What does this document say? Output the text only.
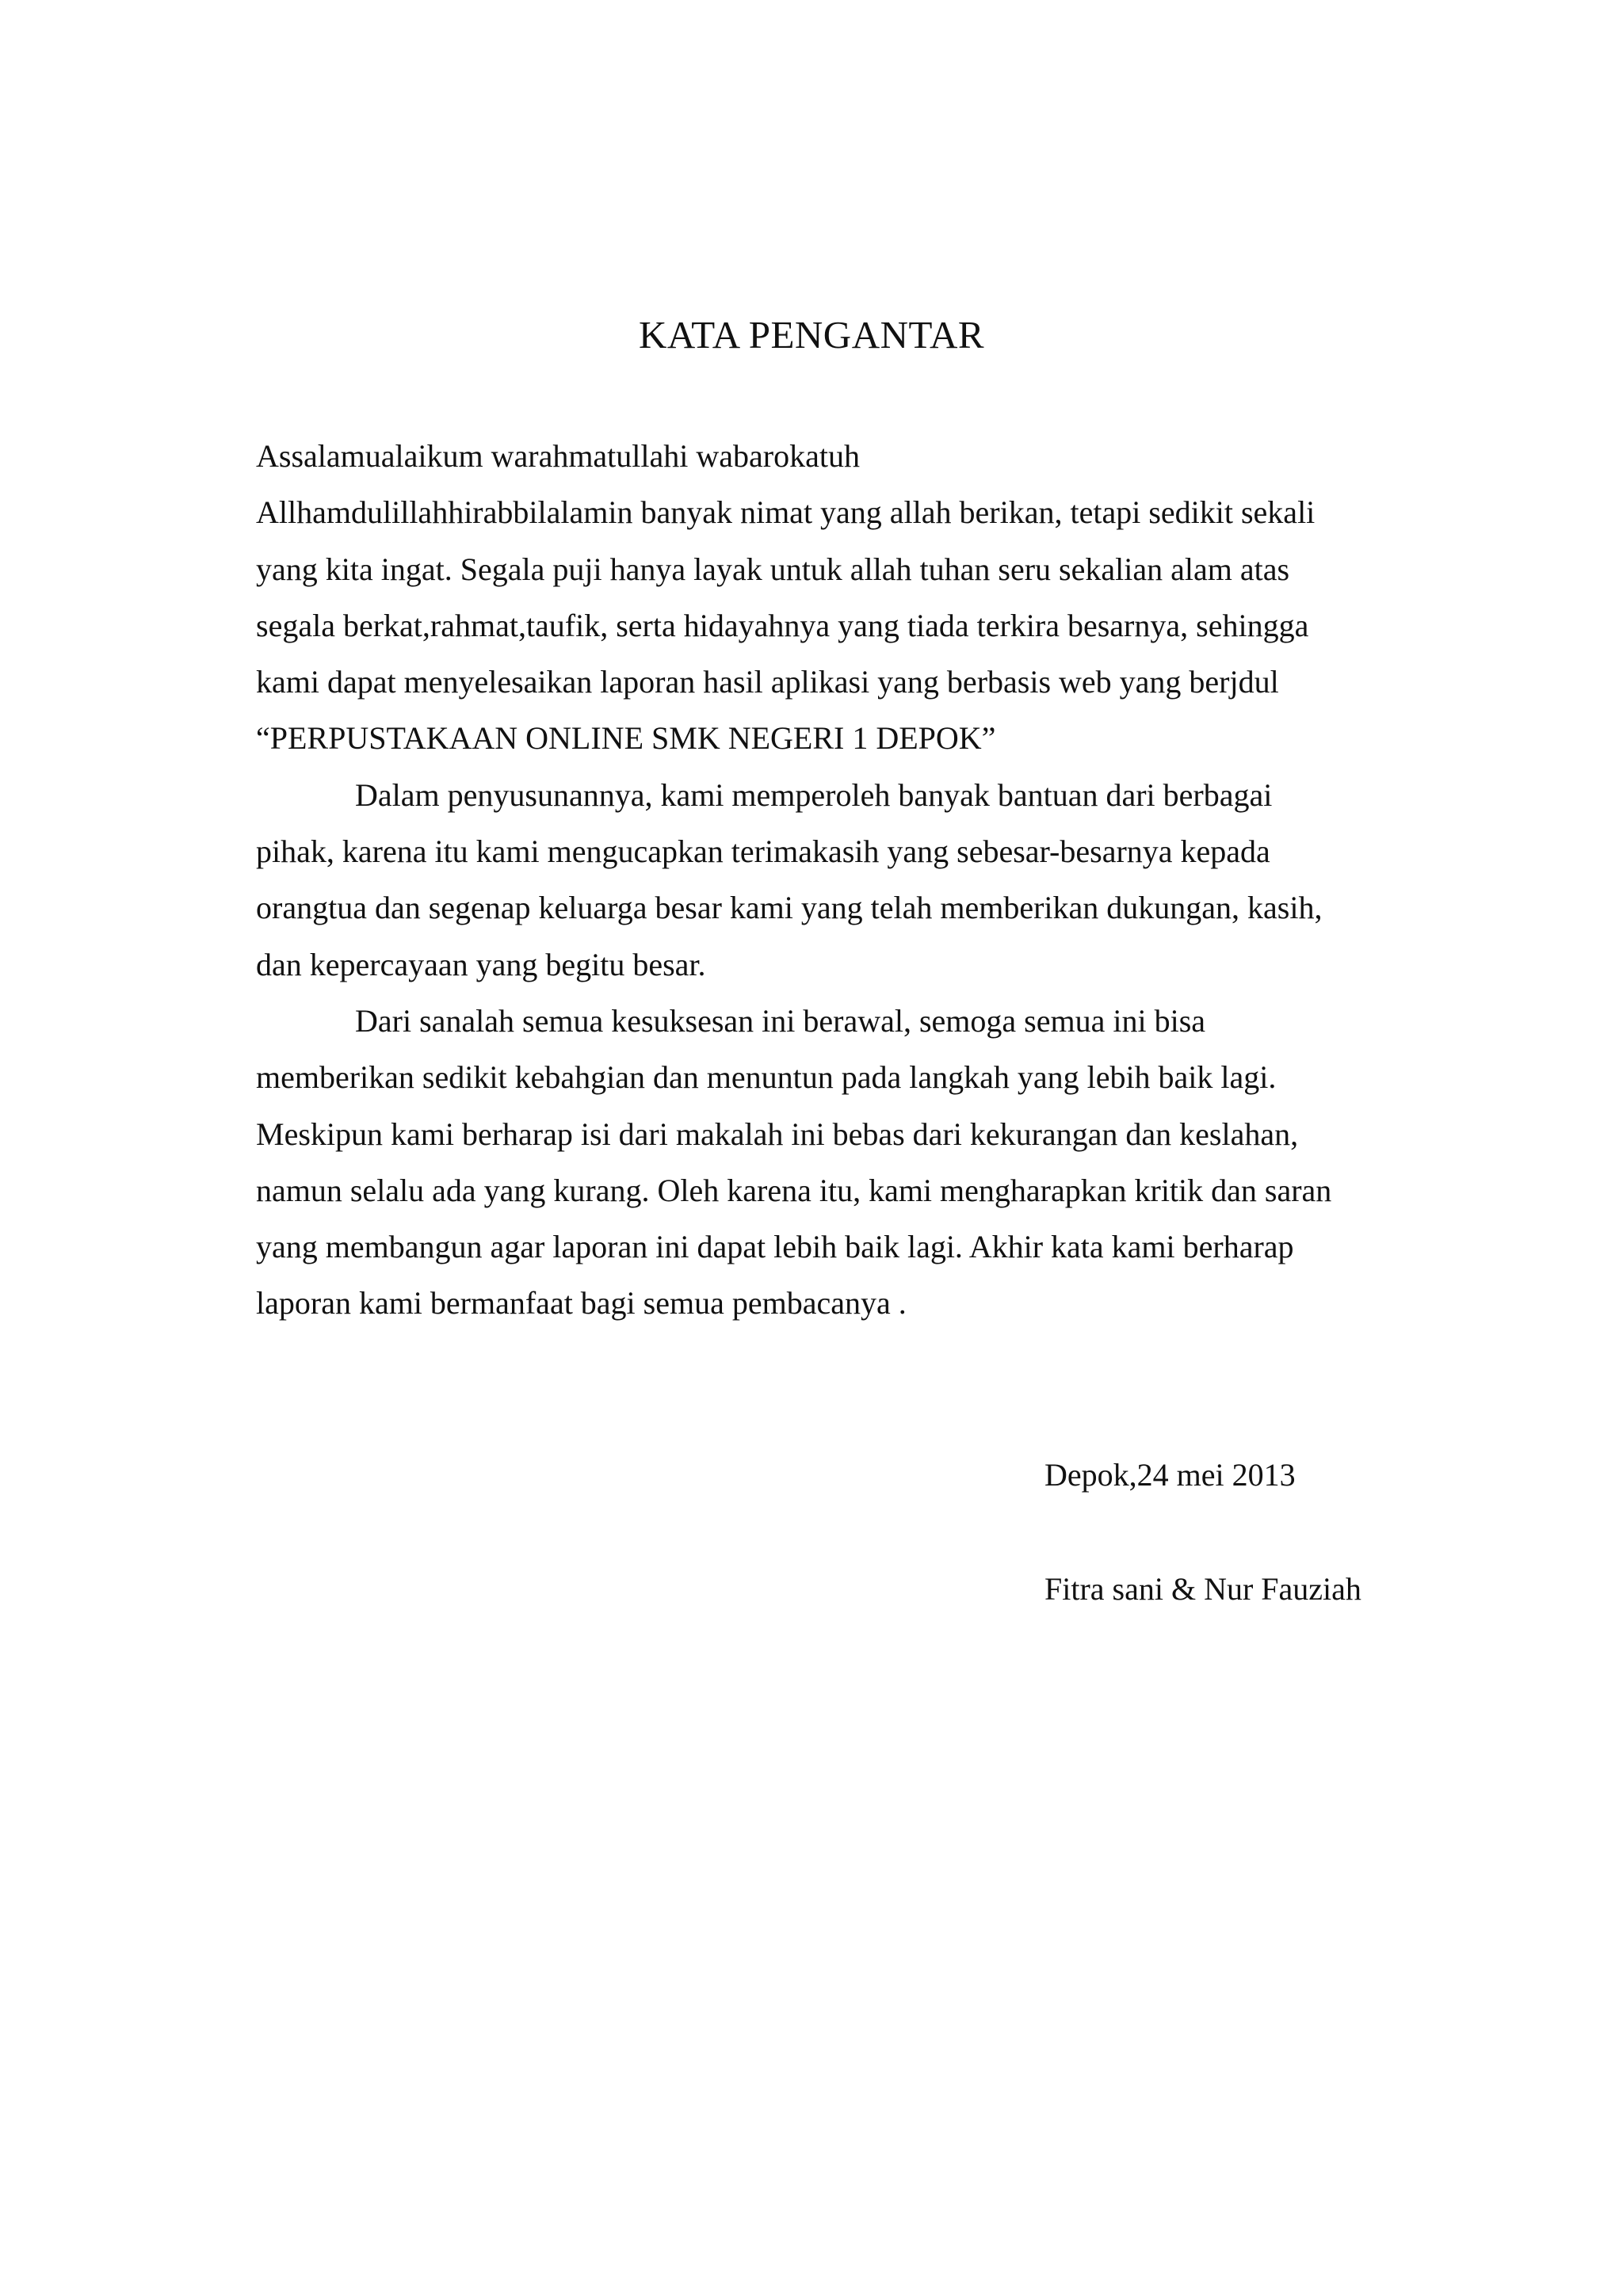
KATA PENGANTAR
Assalamualaikum warahmatullahi wabarokatuh
Allhamdulillahhirabbilalamin banyak nimat yang allah berikan, tetapi sedikit sekali
yang kita ingat. Segala puji hanya layak untuk allah tuhan seru sekalian alam atas
segala berkat,rahmat,taufik, serta hidayahnya yang tiada terkira besarnya, sehingga
kami dapat menyelesaikan laporan hasil aplikasi yang berbasis web yang berjdul
“PERPUSTAKAAN ONLINE SMK NEGERI 1 DEPOK”
Dalam penyusunannya, kami memperoleh banyak bantuan dari berbagai
pihak, karena itu kami mengucapkan terimakasih yang sebesar-besarnya kepada
orangtua dan segenap keluarga besar kami yang telah memberikan dukungan, kasih,
dan kepercayaan yang begitu besar.
Dari sanalah semua kesuksesan ini berawal, semoga semua ini bisa
memberikan sedikit kebahgian dan menuntun pada langkah yang lebih baik lagi.
Meskipun kami berharap isi dari makalah ini bebas dari kekurangan dan keslahan,
namun selalu ada yang kurang. Oleh karena itu, kami mengharapkan kritik dan saran
yang membangun agar laporan ini dapat lebih baik lagi. Akhir kata kami berharap
laporan kami bermanfaat bagi semua pembacanya .
Depok,24 mei 2013
Fitra sani & Nur Fauziah
